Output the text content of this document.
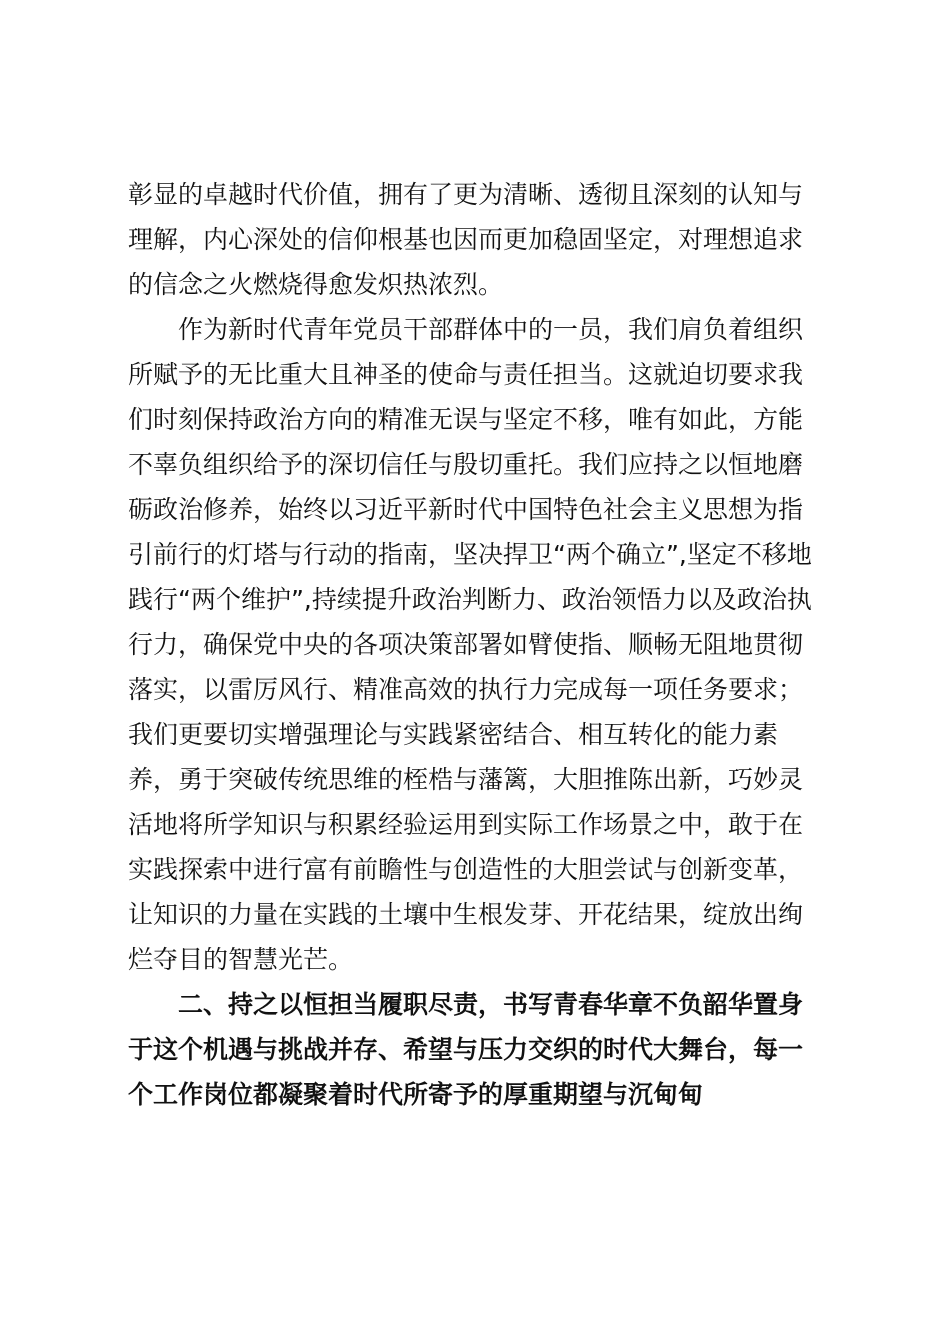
彰显的卓越时代价值，拥有了更为清晰、透彻且深刻的认知与
理解，内心深处的信仰根基也因而更加稳固坚定，对理想追求
的信念之火燃烧得愈发炽热浓烈。
作为新时代青年党员干部群体中的一员，我们肩负着组织
所赋予的无比重大且神圣的使命与责任担当。这就迫切要求我
们时刻保持政治方向的精准无误与坚定不移，唯有如此，方能
不辜负组织给予的深切信任与殷切重托。我们应持之以恒地磨
砺政治修养，始终以习近平新时代中国特色社会主义思想为指
引前行的灯塔与行动的指南，坚决捍卫“两个确立”,坚定不移地
践行“两个维护”,持续提升政治判断力、政治领悟力以及政治执
行力，确保党中央的各项决策部署如臂使指、顺畅无阻地贯彻
落实，以雷厉风行、精准高效的执行力完成每一项任务要求；
我们更要切实增强理论与实践紧密结合、相互转化的能力素
养，勇于突破传统思维的桎梏与藩篱，大胆推陈出新，巧妙灵
活地将所学知识与积累经验运用到实际工作场景之中，敢于在
实践探索中进行富有前瞻性与创造性的大胆尝试与创新变革，
让知识的力量在实践的土壤中生根发芽、开花结果，绽放出绚
烂夺目的智慧光芒。
二、持之以恒担当履职尽责，书写青春华章不负韶华置身
于这个机遇与挑战并存、希望与压力交织的时代大舞台，每一
个工作岗位都凝聚着时代所寄予的厚重期望与沉甸甸
